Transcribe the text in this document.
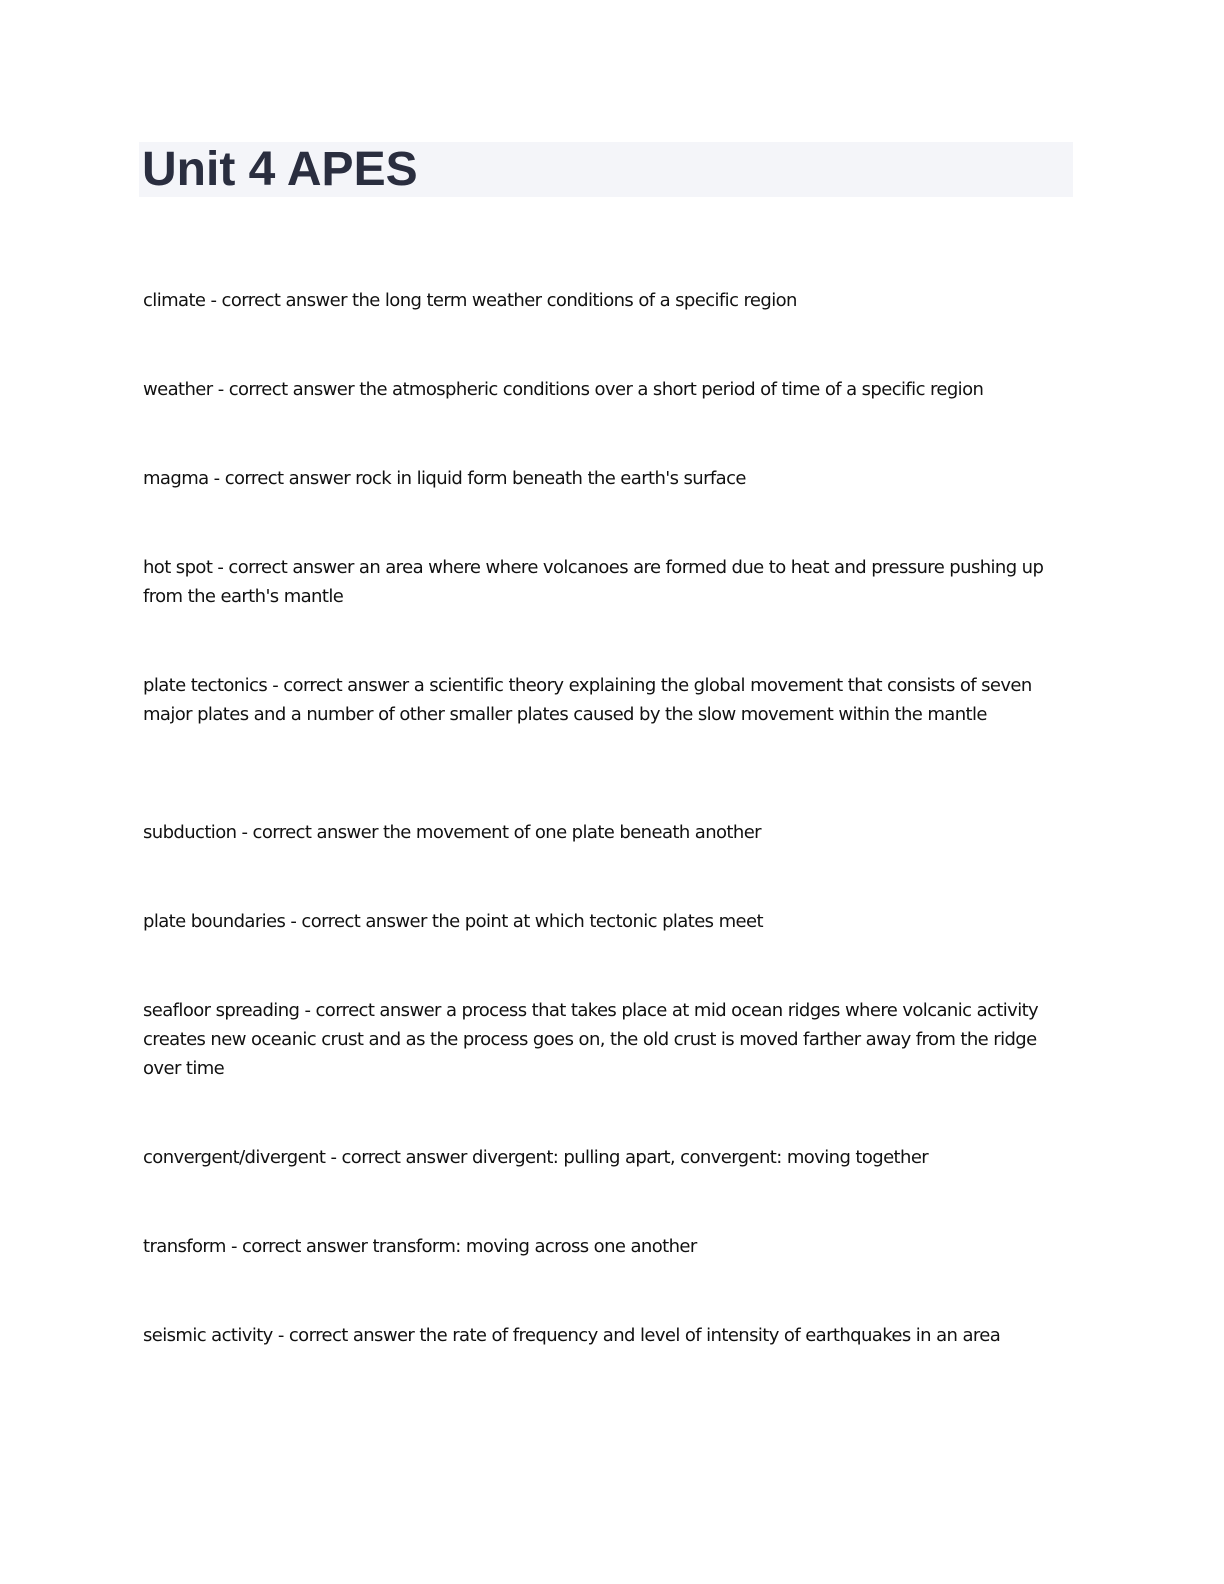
Unit 4 APES

climate - correct answer the long term weather conditions of a specific region

weather - correct answer the atmospheric conditions over a short period of time of a specific region

magma - correct answer rock in liquid form beneath the earth's surface

hot spot - correct answer an area where where volcanoes are formed due to heat and pressure pushing up from the earth's mantle

plate tectonics - correct answer a scientific theory explaining the global movement that consists of seven major plates and a number of other smaller plates caused by the slow movement within the mantle

subduction - correct answer the movement of one plate beneath another

plate boundaries - correct answer the point at which tectonic plates meet

seafloor spreading - correct answer a process that takes place at mid ocean ridges where volcanic activity creates new oceanic crust and as the process goes on, the old crust is moved farther away from the ridge over time

convergent/divergent - correct answer divergent: pulling apart, convergent: moving together

transform - correct answer transform: moving across one another

seismic activity - correct answer the rate of frequency and level of intensity of earthquakes in an area
